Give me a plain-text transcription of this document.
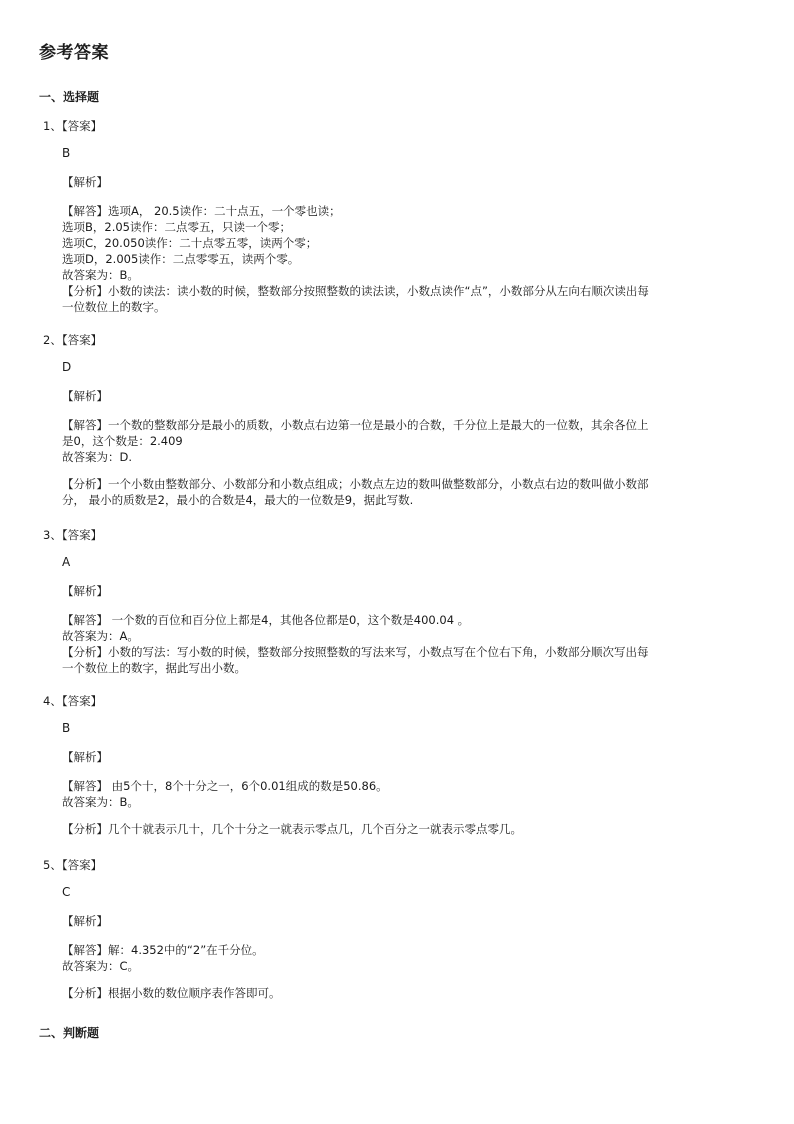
参考答案
一、选择题
1、【答案】
B
【解析】
【解答】选项A， 20.5读作：二十点五，一个零也读；
选项B，2.05读作：二点零五，只读一个零；
选项C，20.050读作：二十点零五零，读两个零；
选项D，2.005读作：二点零零五，读两个零。
故答案为：B。
【分析】小数的读法：读小数的时候，整数部分按照整数的读法读，小数点读作“点”，小数部分从左向右顺次读出每
一位数位上的数字。
2、【答案】
D
【解析】
【解答】一个数的整数部分是最小的质数，小数点右边第一位是最小的合数，千分位上是最大的一位数，其余各位上
是0，这个数是：2.409
故答案为：D.
【分析】一个小数由整数部分、小数部分和小数点组成；小数点左边的数叫做整数部分，小数点右边的数叫做小数部
分， 最小的质数是2，最小的合数是4，最大的一位数是9，据此写数.
3、【答案】
A
【解析】
【解答】 一个数的百位和百分位上都是4，其他各位都是0，这个数是400.04 。
故答案为：A。
【分析】小数的写法：写小数的时候，整数部分按照整数的写法来写，小数点写在个位右下角，小数部分顺次写出每
一个数位上的数字，据此写出小数。
4、【答案】
B
【解析】
【解答】 由5个十，8个十分之一，6个0.01组成的数是50.86。
故答案为：B。
【分析】几个十就表示几十，几个十分之一就表示零点几，几个百分之一就表示零点零几。
5、【答案】
C
【解析】
【解答】解：4.352中的“2”在千分位。
故答案为：C。
【分析】根据小数的数位顺序表作答即可。
二、判断题
